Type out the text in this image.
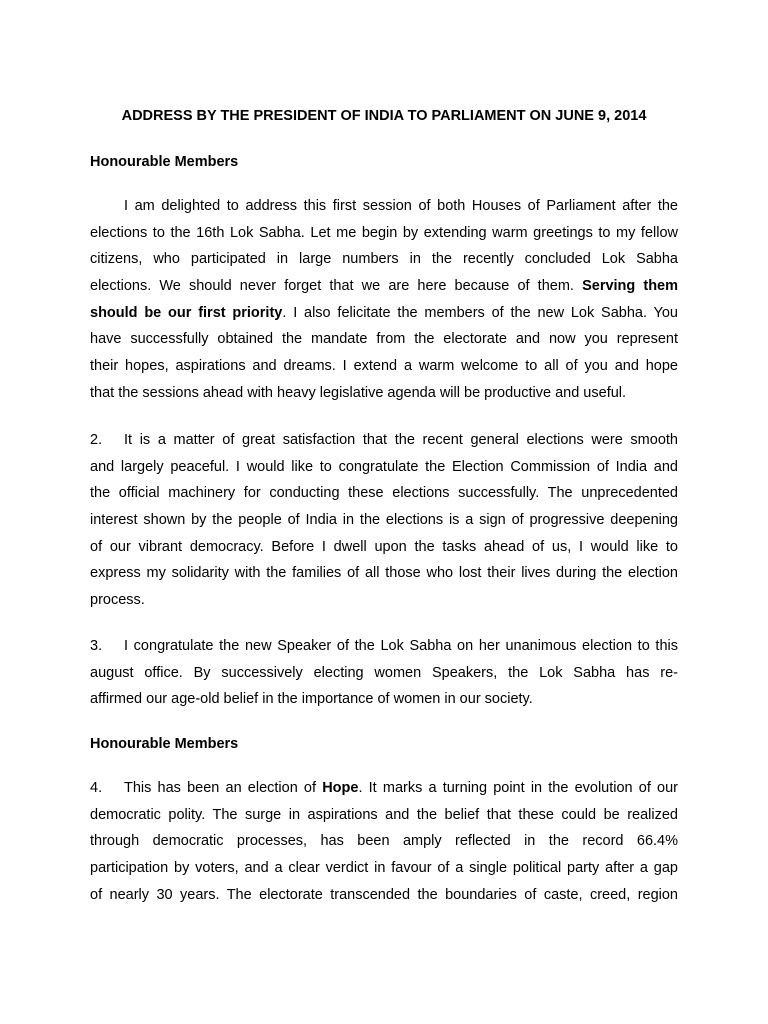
ADDRESS BY THE PRESIDENT OF INDIA TO PARLIAMENT ON JUNE 9, 2014
Honourable Members
I am delighted to address this first session of both Houses of Parliament after the
elections to the 16th Lok Sabha. Let me begin by extending warm greetings to my fellow
citizens, who participated in large numbers in the recently concluded Lok Sabha
elections. We should never forget that we are here because of them. Serving them
should be our first priority. I also felicitate the members of the new Lok Sabha. You
have successfully obtained the mandate from the electorate and now you represent
their hopes, aspirations and dreams. I extend a warm welcome to all of you and hope
that the sessions ahead with heavy legislative agenda will be productive and useful.
2. It is a matter of great satisfaction that the recent general elections were smooth
and largely peaceful. I would like to congratulate the Election Commission of India and
the official machinery for conducting these elections successfully. The unprecedented
interest shown by the people of India in the elections is a sign of progressive deepening
of our vibrant democracy. Before I dwell upon the tasks ahead of us, I would like to
express my solidarity with the families of all those who lost their lives during the election
process.
3. I congratulate the new Speaker of the Lok Sabha on her unanimous election to this
august office. By successively electing women Speakers, the Lok Sabha has re-
affirmed our age-old belief in the importance of women in our society.
Honourable Members
4. This has been an election of Hope. It marks a turning point in the evolution of our
democratic polity. The surge in aspirations and the belief that these could be realized
through democratic processes, has been amply reflected in the record 66.4%
participation by voters, and a clear verdict in favour of a single political party after a gap
of nearly 30 years. The electorate transcended the boundaries of caste, creed, region
